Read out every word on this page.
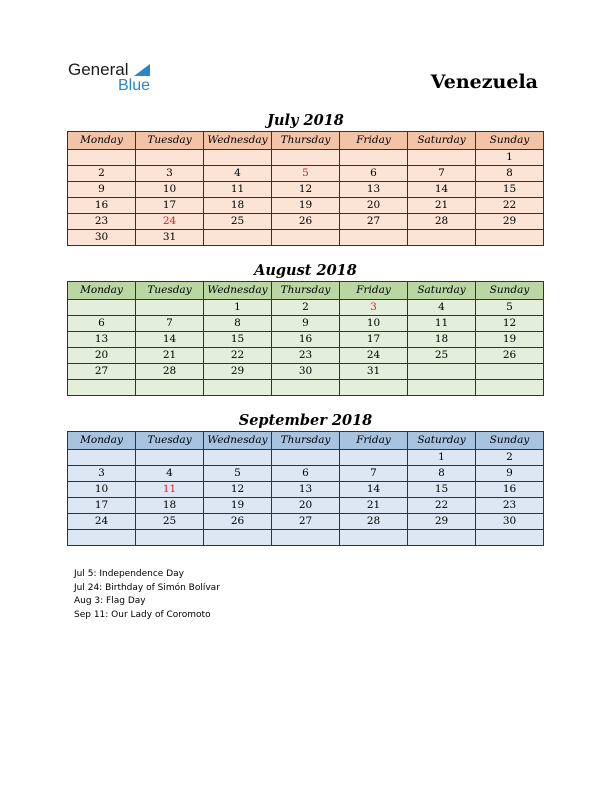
General
Blue	Venezuela
July 2018
Monday	Tuesday	Wednesday	Thursday	Friday	Saturday	Sunday
						1
2	3	4	5	6	7	8
9	10	11	12	13	14	15
16	17	18	19	20	21	22
23	24	25	26	27	28	29
30	31					
August 2018
Monday	Tuesday	Wednesday	Thursday	Friday	Saturday	Sunday
		1	2	3	4	5
6	7	8	9	10	11	12
13	14	15	16	17	18	19
20	21	22	23	24	25	26
27	28	29	30	31		

September 2018
Monday	Tuesday	Wednesday	Thursday	Friday	Saturday	Sunday
					1	2
3	4	5	6	7	8	9
10	11	12	13	14	15	16
17	18	19	20	21	22	23
24	25	26	27	28	29	30

Jul 5: Independence Day
Jul 24: Birthday of Simón Bolívar
Aug 3: Flag Day
Sep 11: Our Lady of Coromoto
